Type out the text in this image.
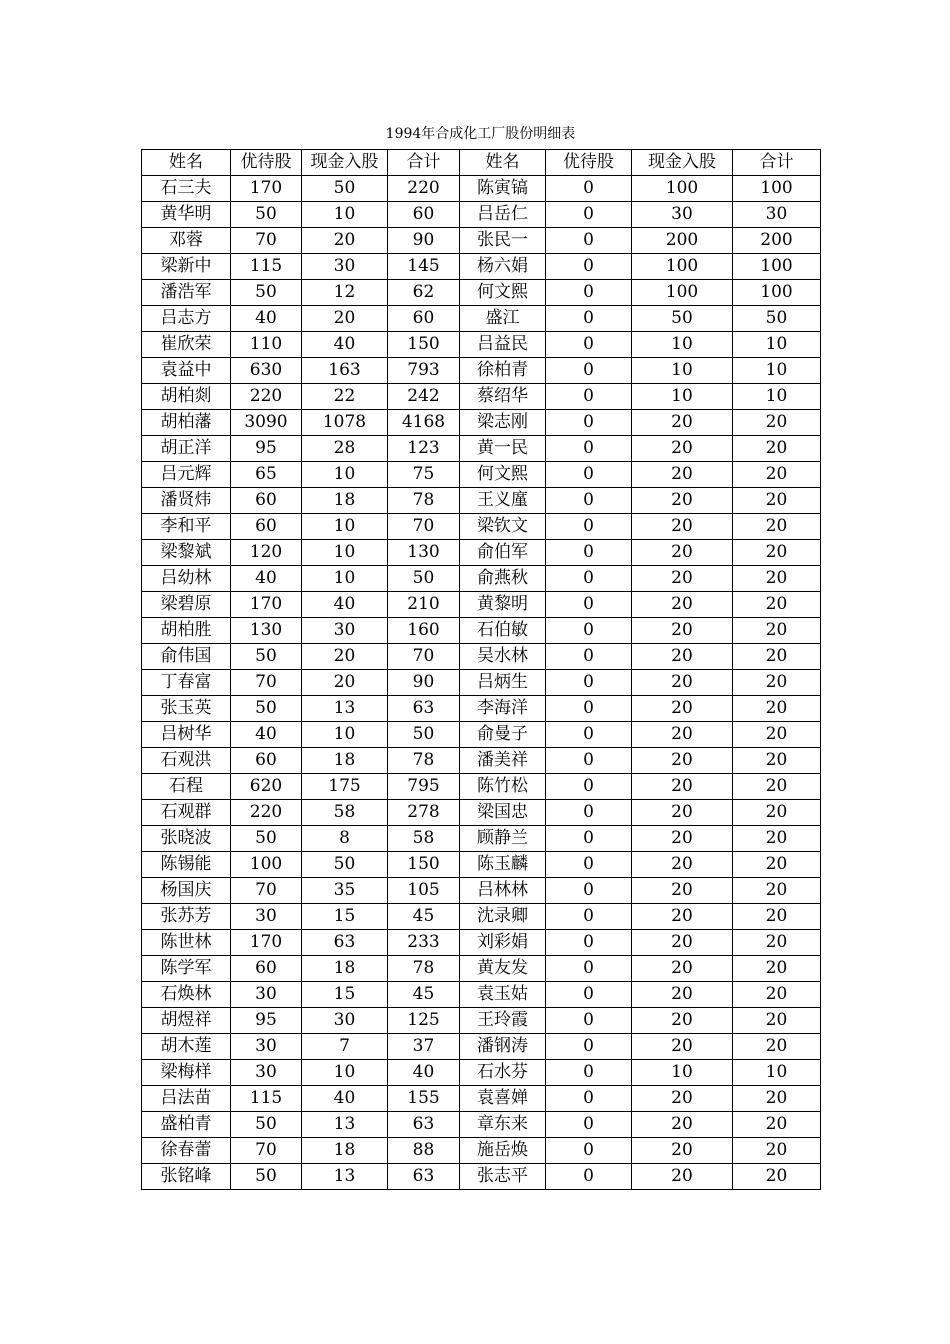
1994年合成化工厂股份明细表
姓名	优待股	现金入股	合计	姓名	优待股	现金入股	合计
石三夫	170	50	220	陈寅镐	0	100	100
黄华明	50	10	60	吕岳仁	0	30	30
邓蓉	70	20	90	张民一	0	200	200
梁新中	115	30	145	杨六娟	0	100	100
潘浩军	50	12	62	何文熙	0	100	100
吕志方	40	20	60	盛江	0	50	50
崔欣荣	110	40	150	吕益民	0	10	10
袁益中	630	163	793	徐柏青	0	10	10
胡柏剡	220	22	242	蔡绍华	0	10	10
胡柏藩	3090	1078	4168	梁志刚	0	20	20
胡正洋	95	28	123	黄一民	0	20	20
吕元辉	65	10	75	何文熙	0	20	20
潘贤炜	60	18	78	王义廑	0	20	20
李和平	60	10	70	梁钦文	0	20	20
梁黎斌	120	10	130	俞伯军	0	20	20
吕幼林	40	10	50	俞燕秋	0	20	20
梁碧原	170	40	210	黄黎明	0	20	20
胡柏胜	130	30	160	石伯敏	0	20	20
俞伟国	50	20	70	吴水林	0	20	20
丁春富	70	20	90	吕炳生	0	20	20
张玉英	50	13	63	李海洋	0	20	20
吕树华	40	10	50	俞曼子	0	20	20
石观洪	60	18	78	潘美祥	0	20	20
石程	620	175	795	陈竹松	0	20	20
石观群	220	58	278	梁国忠	0	20	20
张晓波	50	8	58	顾静兰	0	20	20
陈锡能	100	50	150	陈玉麟	0	20	20
杨国庆	70	35	105	吕林林	0	20	20
张苏芳	30	15	45	沈录卿	0	20	20
陈世林	170	63	233	刘彩娟	0	20	20
陈学军	60	18	78	黄友发	0	20	20
石焕林	30	15	45	袁玉姑	0	20	20
胡煜祥	95	30	125	王玲霞	0	20	20
胡木莲	30	7	37	潘钢涛	0	20	20
梁梅样	30	10	40	石水芬	0	10	10
吕法苗	115	40	155	袁喜婵	0	20	20
盛柏青	50	13	63	章东来	0	20	20
徐春蕾	70	18	88	施岳焕	0	20	20
张铭峰	50	13	63	张志平	0	20	20
